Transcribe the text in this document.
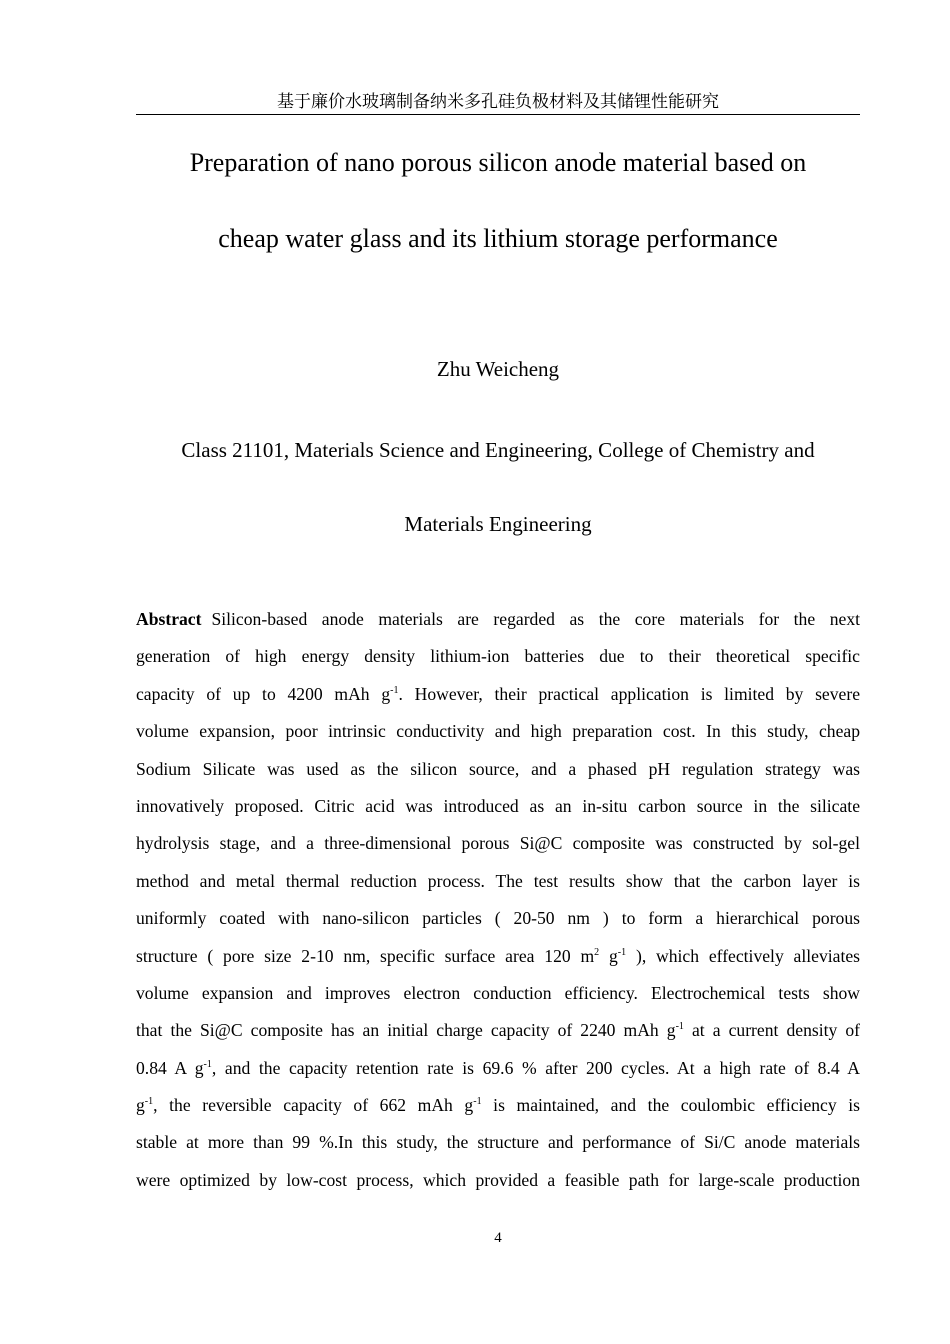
基于廉价水玻璃制备纳米多孔硅负极材料及其储锂性能研究
Preparation of nano porous silicon anode material based on
cheap water glass and its lithium storage performance
Zhu Weicheng
Class 21101, Materials Science and Engineering, College of Chemistry and
Materials Engineering
Abstract Silicon-based anode materials are regarded as the core materials for the next
generation of high energy density lithium-ion batteries due to their theoretical specific
capacity of up to 4200 mAh $g^{-1}$. However, their practical application is limited by severe
volume expansion, poor intrinsic conductivity and high preparation cost. In this study, cheap
Sodium Silicate was used as the silicon source, and a phased pH regulation strategy was
innovatively proposed. Citric acid was introduced as an in-situ carbon source in the silicate
hydrolysis stage, and a three-dimensional porous Si@C composite was constructed by sol-gel
method and metal thermal reduction process. The test results show that the carbon layer is
uniformly coated with nano-silicon particles ( 20-50 nm ) to form a hierarchical porous
structure ( pore size 2-10 nm, specific surface area 120 $m^2$ $g^{-1}$ ), which effectively alleviates
volume expansion and improves electron conduction efficiency. Electrochemical tests show
that the Si@C composite has an initial charge capacity of 2240 mAh $g^{-1}$ at a current density of
0.84 A $g^{-1}$, and the capacity retention rate is 69.6 % after 200 cycles. At a high rate of 8.4 A
$g^{-1}$, the reversible capacity of 662 mAh $g^{-1}$ is maintained, and the coulombic efficiency is
stable at more than 99 %.In this study, the structure and performance of Si/C anode materials
were optimized by low-cost process, which provided a feasible path for large-scale production
4
